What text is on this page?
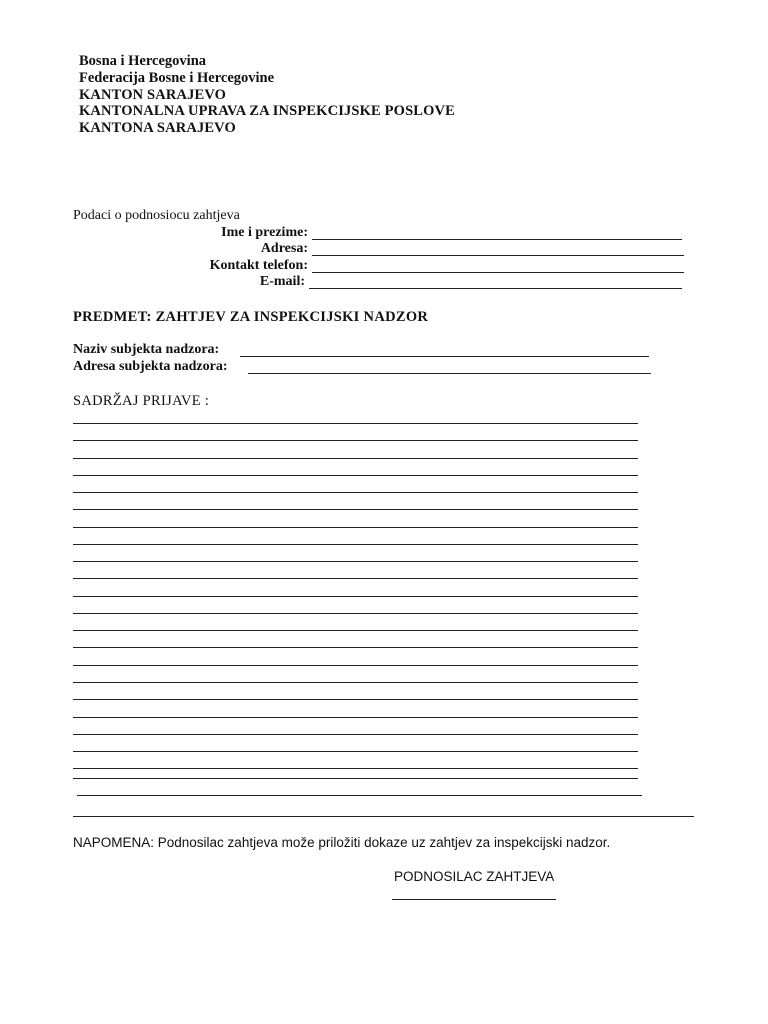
Bosna i Hercegovina
Federacija Bosne i Hercegovine
KANTON SARAJEVO
KANTONALNA UPRAVA ZA INSPEKCIJSKE POSLOVE
KANTONA SARAJEVO
Podaci o podnosiocu zahtjeva
Ime i prezime:
Adresa:
Kontakt telefon:
E-mail:
PREDMET: ZAHTJEV ZA INSPEKCIJSKI NADZOR
Naziv subjekta nadzora:
Adresa subjekta nadzora:
SADRŽAJ PRIJAVE :
NAPOMENA: Podnosilac zahtjeva može priložiti dokaze uz zahtjev za inspekcijski nadzor.
PODNOSILAC ZAHTJEVA
